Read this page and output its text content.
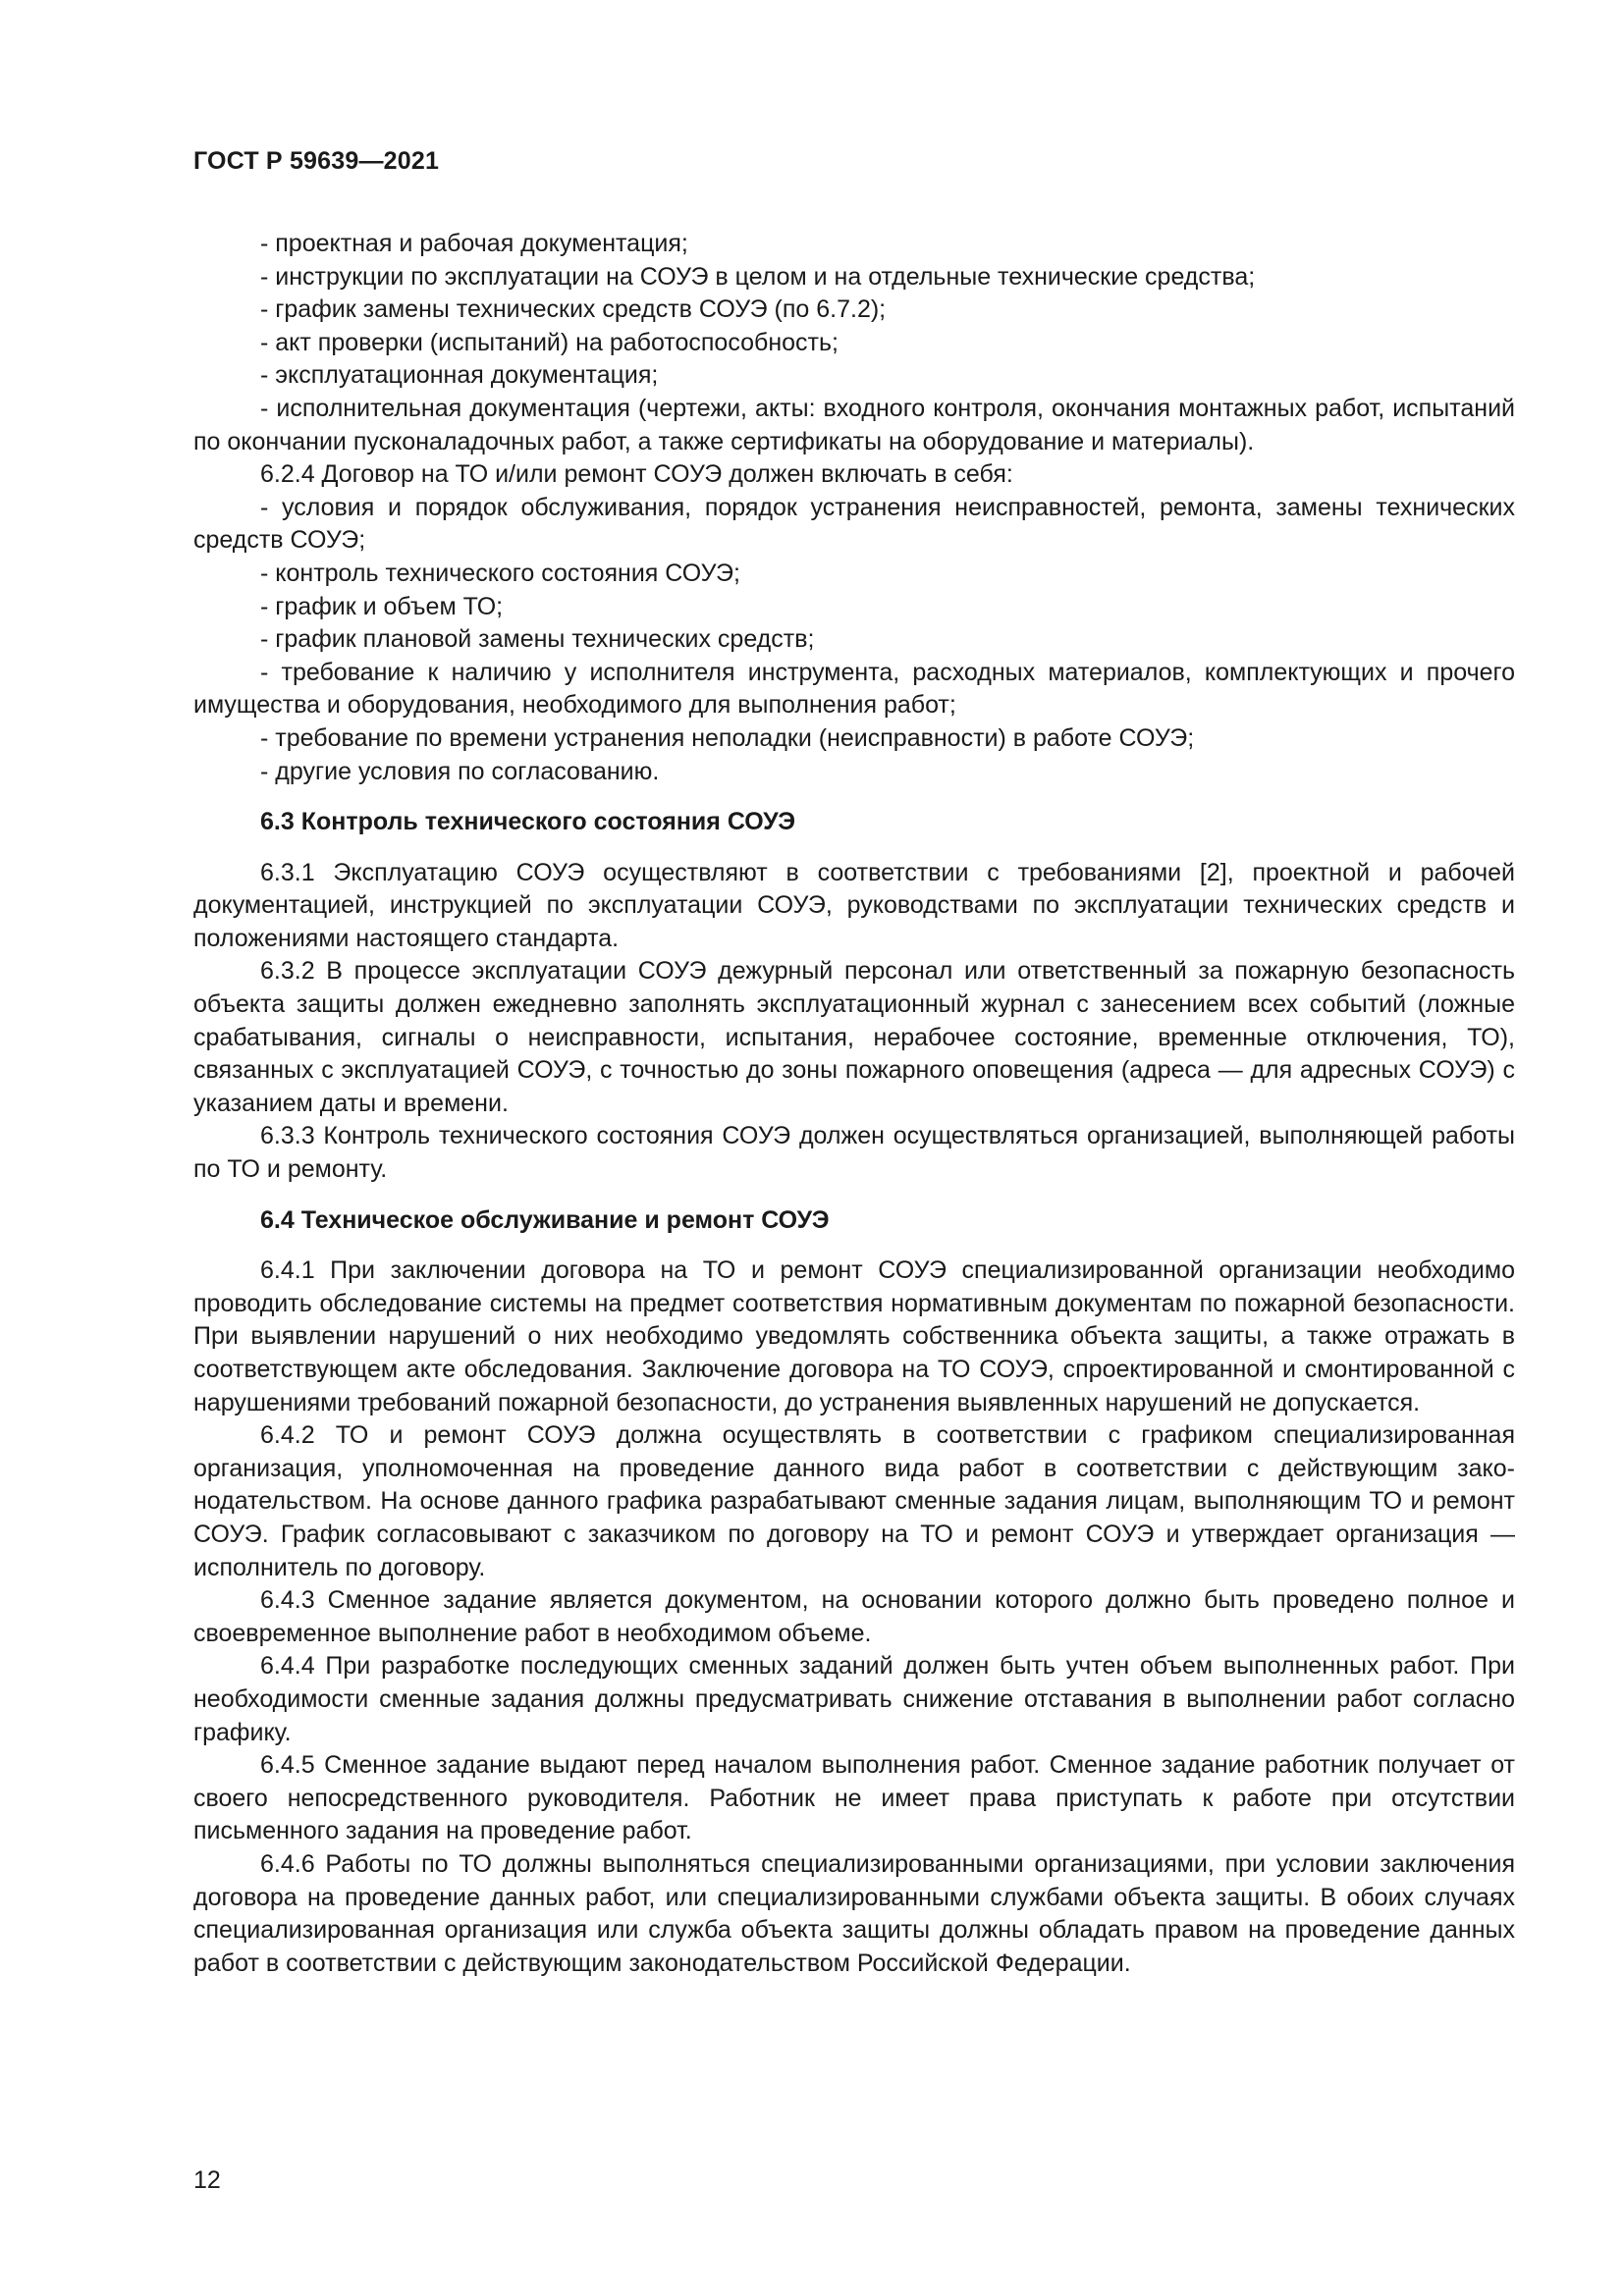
ГОСТ Р 59639—2021

- проектная и рабочая документация;

- инструкции по эксплуатации на СОУЭ в целом и на отдельные технические средства;

- график замены технических средств СОУЭ (по 6.7.2);

- акт проверки (испытаний) на работоспособность;

- эксплуатационная документация;

- исполнительная документация (чертежи, акты: входного контроля, окончания монтажных работ, испытаний по окончании пусконаладочных работ, а также сертификаты на оборудование и материалы).

6.2.4 Договор на ТО и/или ремонт СОУЭ должен включать в себя:

- условия и порядок обслуживания, порядок устранения неисправностей, ремонта, замены технических средств СОУЭ;

- контроль технического состояния СОУЭ;

- график и объем ТО;

- график плановой замены технических средств;

- требование к наличию у исполнителя инструмента, расходных материалов, комплектующих и прочего имущества и оборудования, необходимого для выполнения работ;

- требование по времени устранения неполадки (неисправности) в работе СОУЭ;

- другие условия по согласованию.

6.3 Контроль технического состояния СОУЭ

6.3.1 Эксплуатацию СОУЭ осуществляют в соответствии с требованиями [2], проектной и рабочей документацией, инструкцией по эксплуатации СОУЭ, руководствами по эксплуатации технических средств и положениями настоящего стандарта.

6.3.2 В процессе эксплуатации СОУЭ дежурный персонал или ответственный за пожарную безопасность объекта защиты должен ежедневно заполнять эксплуатационный журнал с занесением всех событий (ложные срабатывания, сигналы о неисправности, испытания, нерабочее состояние, временные отключения, ТО), связанных с эксплуатацией СОУЭ, с точностью до зоны пожарного оповещения (адреса — для адресных СОУЭ) с указанием даты и времени.

6.3.3 Контроль технического состояния СОУЭ должен осуществляться организацией, выполняющей работы по ТО и ремонту.

6.4 Техническое обслуживание и ремонт СОУЭ

6.4.1 При заключении договора на ТО и ремонт СОУЭ специализированной организации необходимо проводить обследование системы на предмет соответствия нормативным документам по пожарной безопасности. При выявлении нарушений о них необходимо уведомлять собственника объекта защиты, а также отражать в соответствующем акте обследования. Заключение договора на ТО СОУЭ, спроектированной и смонтированной с нарушениями требований пожарной безопасности, до устранения выявленных нарушений не допускается.

6.4.2 ТО и ремонт СОУЭ должна осуществлять в соответствии с графиком специализированная организация, уполномоченная на проведение данного вида работ в соответствии с действующим законодательством. На основе данного графика разрабатывают сменные задания лицам, выполняющим ТО и ремонт СОУЭ. График согласовывают с заказчиком по договору на ТО и ремонт СОУЭ и утверждает организация — исполнитель по договору.

6.4.3 Сменное задание является документом, на основании которого должно быть проведено полное и своевременное выполнение работ в необходимом объеме.

6.4.4 При разработке последующих сменных заданий должен быть учтен объем выполненных работ. При необходимости сменные задания должны предусматривать снижение отставания в выполнении работ согласно графику.

6.4.5 Сменное задание выдают перед началом выполнения работ. Сменное задание работник получает от своего непосредственного руководителя. Работник не имеет права приступать к работе при отсутствии письменного задания на проведение работ.

6.4.6 Работы по ТО должны выполняться специализированными организациями, при условии заключения договора на проведение данных работ, или специализированными службами объекта защиты. В обоих случаях специализированная организация или служба объекта защиты должны обладать правом на проведение данных работ в соответствии с действующим законодательством Российской Федерации.

12
